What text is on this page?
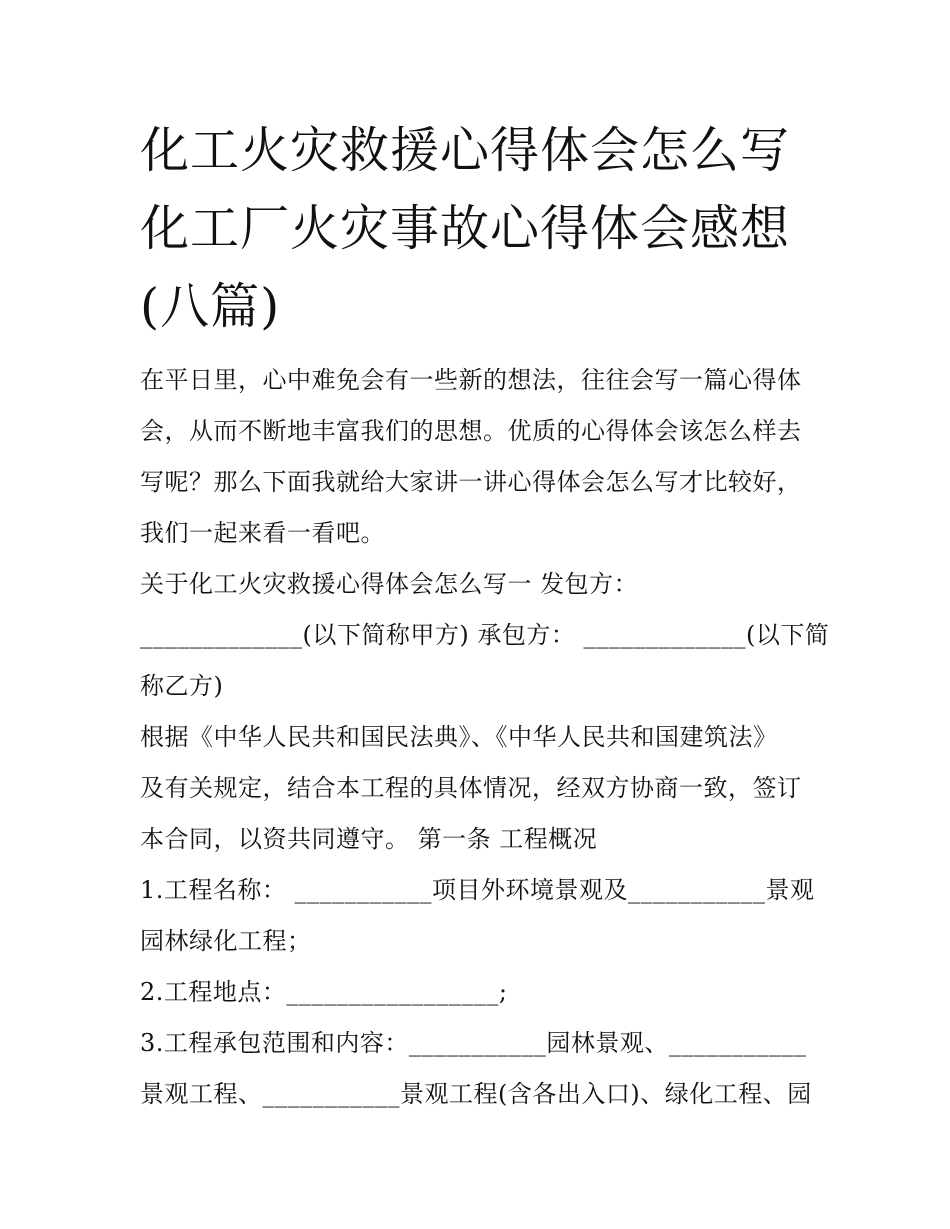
化工火灾救援心得体会怎么写
化工厂火灾事故心得体会感想
(八篇)
在平日里，心中难免会有一些新的想法，往往会写一篇心得体
会，从而不断地丰富我们的思想。优质的心得体会该怎么样去
写呢？那么下面我就给大家讲一讲心得体会怎么写才比较好，
我们一起来看一看吧。
关于化工火灾救援心得体会怎么写一 发包方：
_____________(以下简称甲方) 承包方： _____________(以下简
称乙方)
根据《中华人民共和国民法典》、《中华人民共和国建筑法》
及有关规定，结合本工程的具体情况，经双方协商一致，签订
本合同，以资共同遵守。 第一条 工程概况
1.工程名称： ___________项目外环境景观及___________景观
园林绿化工程；
2.工程地点：_________________;
3.工程承包范围和内容：___________园林景观、___________
景观工程、___________景观工程(含各出入口)、绿化工程、园
